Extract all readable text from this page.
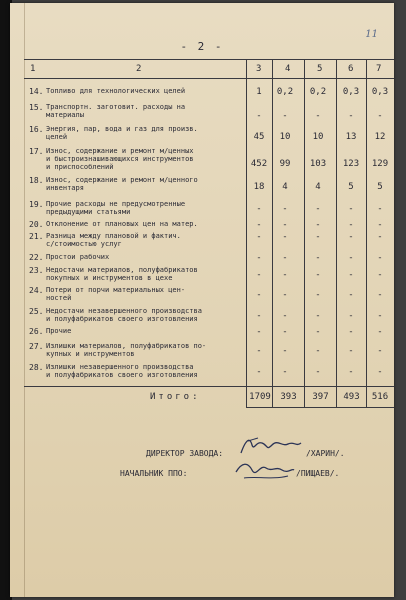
- 2 -
11
1	2	3	4	5	6	7
14. Топливо для технологических целей	1	0,2	0,2	0,3	0,3
15. Транспортн. заготовит. расходы на
материалы	-	-	-	-	-
16. Энергия, пар, вода и газ для произв.
целей	45	10	10	13	12
17. Износ, содержание и ремонт м/ценных
и быстроизнашивающихся инструментов
и приспособлений	452	99	103	123	129
18. Износ, содержание и ремонт м/ценного
инвентаря	18	4	4	5	5
19. Прочие расходы не предусмотренные
предыдущими статьями	-	-	-	-	-
20. Отклонение от плановых цен на матер.	-	-	-	-	-
21. Разница между плановой и фактич.
с/стоимостью услуг
-	-	-	-	-
22. Простои рабочих	-	-	-	-	-
23. Недостачи материалов, полуфабрикатов
покупных и инструментов в цехе	-	-	-	-	-
24. Потери от порчи материальных цен-
ностей	-	-	-	-	-
25. Недостачи незавершенного производства
и полуфабрикатов своего изготовления	-	-	-	-	-
26. Прочие	-	-	-	-	-
27. Излишки материалов, полуфабрикатов по-
купных и инструментов	-	-	-	-	-
28. Излишки незавершенного производства
и полуфабрикатов своего изготовления	-	-	-	-	-
Итого:	1709	393	397	493	516
ДИРЕКТОР ЗАВОДА:	/ХАРИН/.
НАЧАЛЬНИК ППО:	/ПИЩАЕВ/.
